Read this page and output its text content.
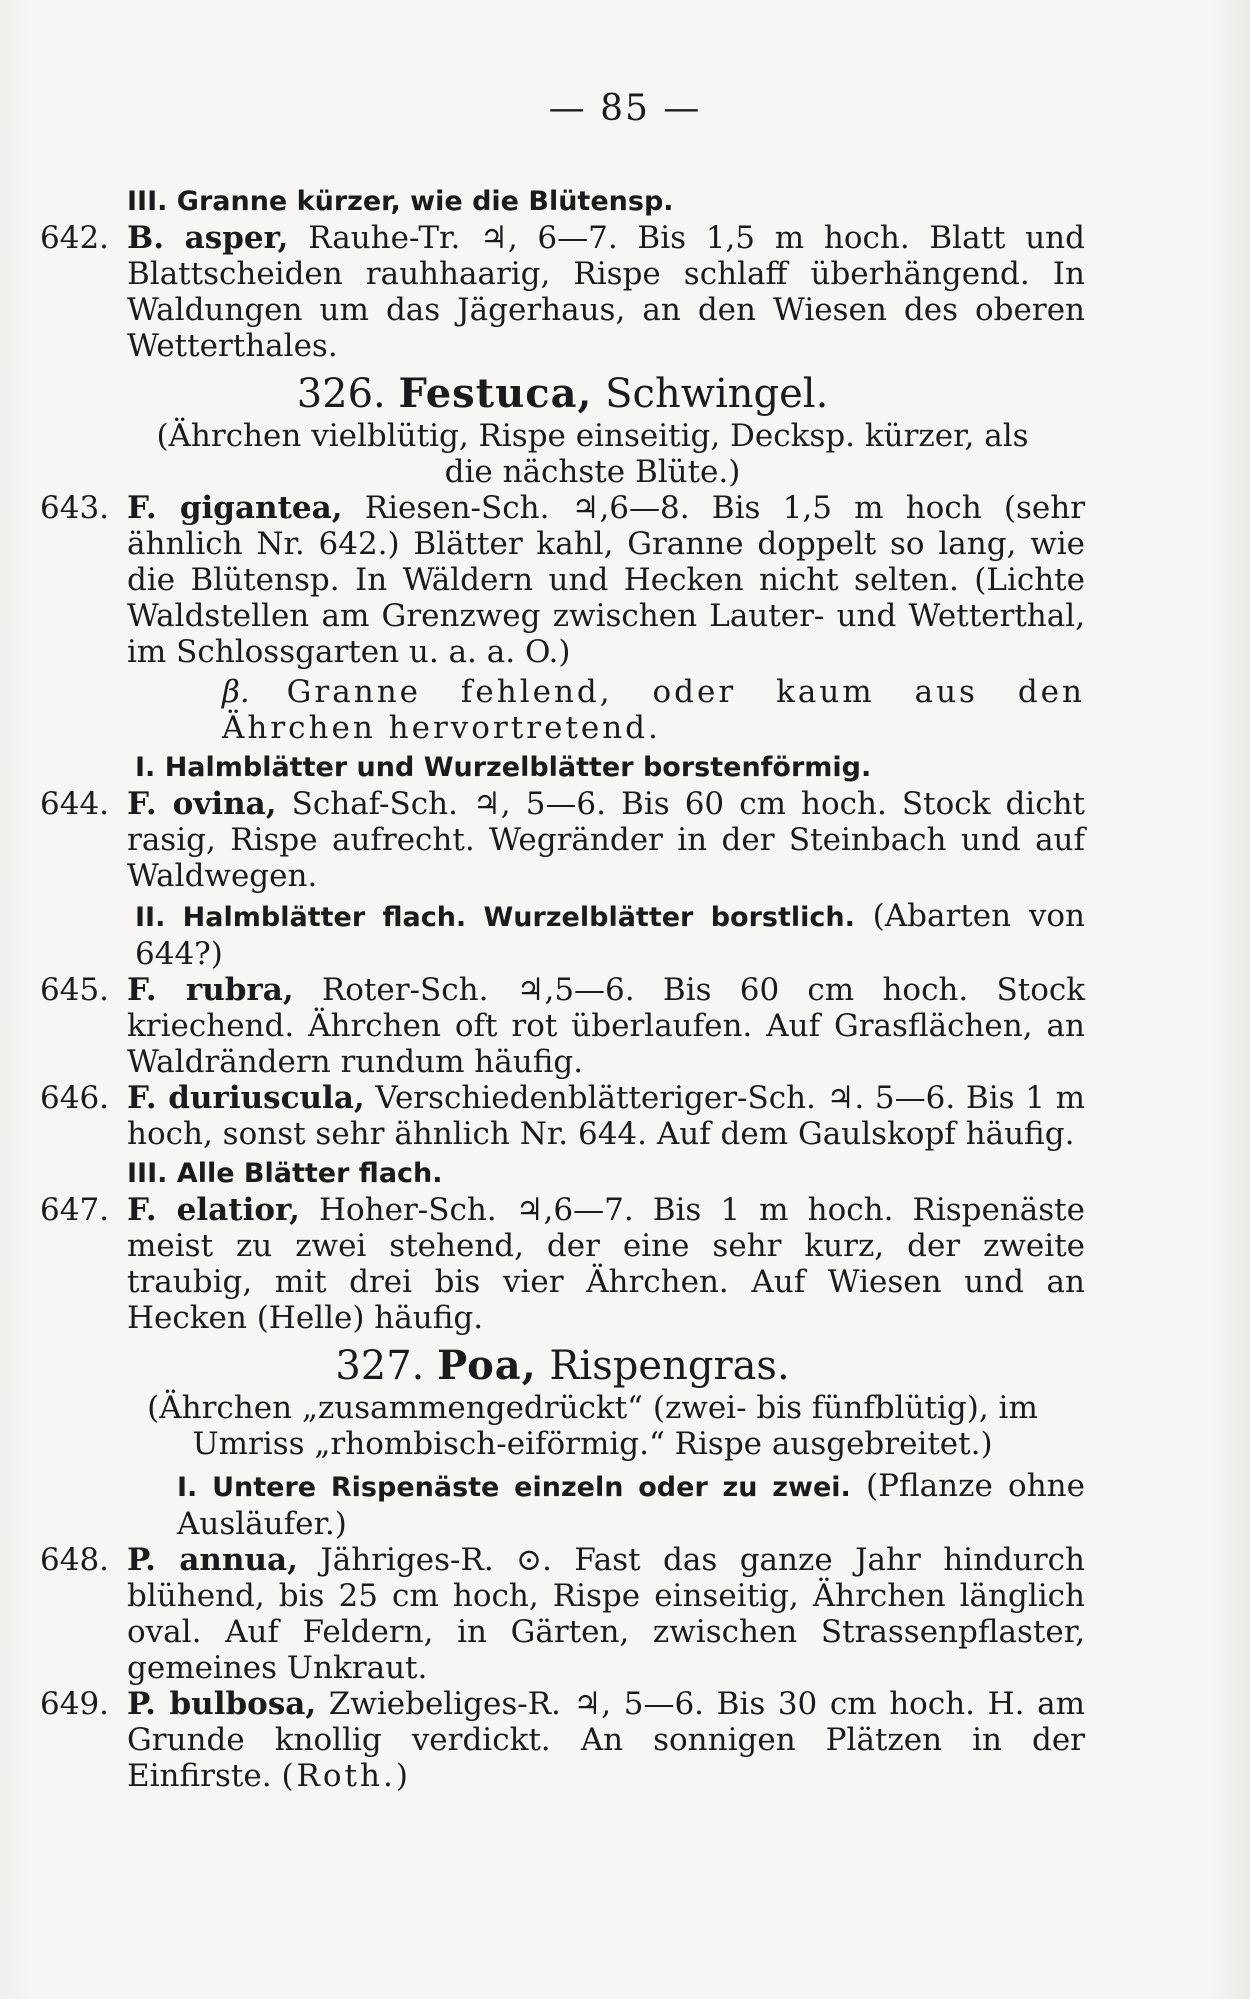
— 85 —
III. Granne kürzer, wie die Blütensp.
642. B. asper, Rauhe-Tr. ♃, 6—7. Bis 1,5 m hoch. Blatt und Blattscheiden rauhhaarig, Rispe schlaff überhängend. In Waldungen um das Jägerhaus, an den Wiesen des oberen Wetterthales.
326. Festuca, Schwingel.
(Ährchen vielblütig, Rispe einseitig, Decksp. kürzer, als die nächste Blüte.)
643. F. gigantea, Riesen-Sch. ♃,6—8. Bis 1,5 m hoch (sehr ähnlich Nr. 642.) Blätter kahl, Granne doppelt so lang, wie die Blütensp. In Wäldern und Hecken nicht selten. (Lichte Waldstellen am Grenzweg zwischen Lauter- und Wetterthal, im Schlossgarten u. a. a. O.)
β. Granne fehlend, oder kaum aus den Ährchen hervortretend.
I. Halmblätter und Wurzelblätter borstenförmig.
644. F. ovina, Schaf-Sch. ♃, 5—6. Bis 60 cm hoch. Stock dicht rasig, Rispe aufrecht. Wegränder in der Steinbach und auf Waldwegen.
II. Halmblätter flach. Wurzelblätter borstlich. (Abarten von 644?)
645. F. rubra, Roter-Sch. ♃,5—6. Bis 60 cm hoch. Stock kriechend. Ährchen oft rot überlaufen. Auf Grasflächen, an Waldrändern rundum häufig.
646. F. duriuscula, Verschiedenblätteriger-Sch. ♃. 5—6. Bis 1 m hoch, sonst sehr ähnlich Nr. 644. Auf dem Gaulskopf häufig.
III. Alle Blätter flach.
647. F. elatior, Hoher-Sch. ♃,6—7. Bis 1 m hoch. Rispenäste meist zu zwei stehend, der eine sehr kurz, der zweite traubig, mit drei bis vier Ährchen. Auf Wiesen und an Hecken (Helle) häufig.
327. Poa, Rispengras.
(Ährchen „zusammengedrückt“ (zwei- bis fünfblütig), im Umriss „rhombisch-eiförmig.“ Rispe ausgebreitet.)
I. Untere Rispenäste einzeln oder zu zwei. (Pflanze ohne Ausläufer.)
648. P. annua, Jähriges-R. ⊙. Fast das ganze Jahr hindurch blühend, bis 25 cm hoch, Rispe einseitig, Ährchen länglich oval. Auf Feldern, in Gärten, zwischen Strassenpflaster, gemeines Unkraut.
649. P. bulbosa, Zwiebeliges-R. ♃, 5—6. Bis 30 cm hoch. H. am Grunde knollig verdickt. An sonnigen Plätzen in der Einfirste. (Roth.)
